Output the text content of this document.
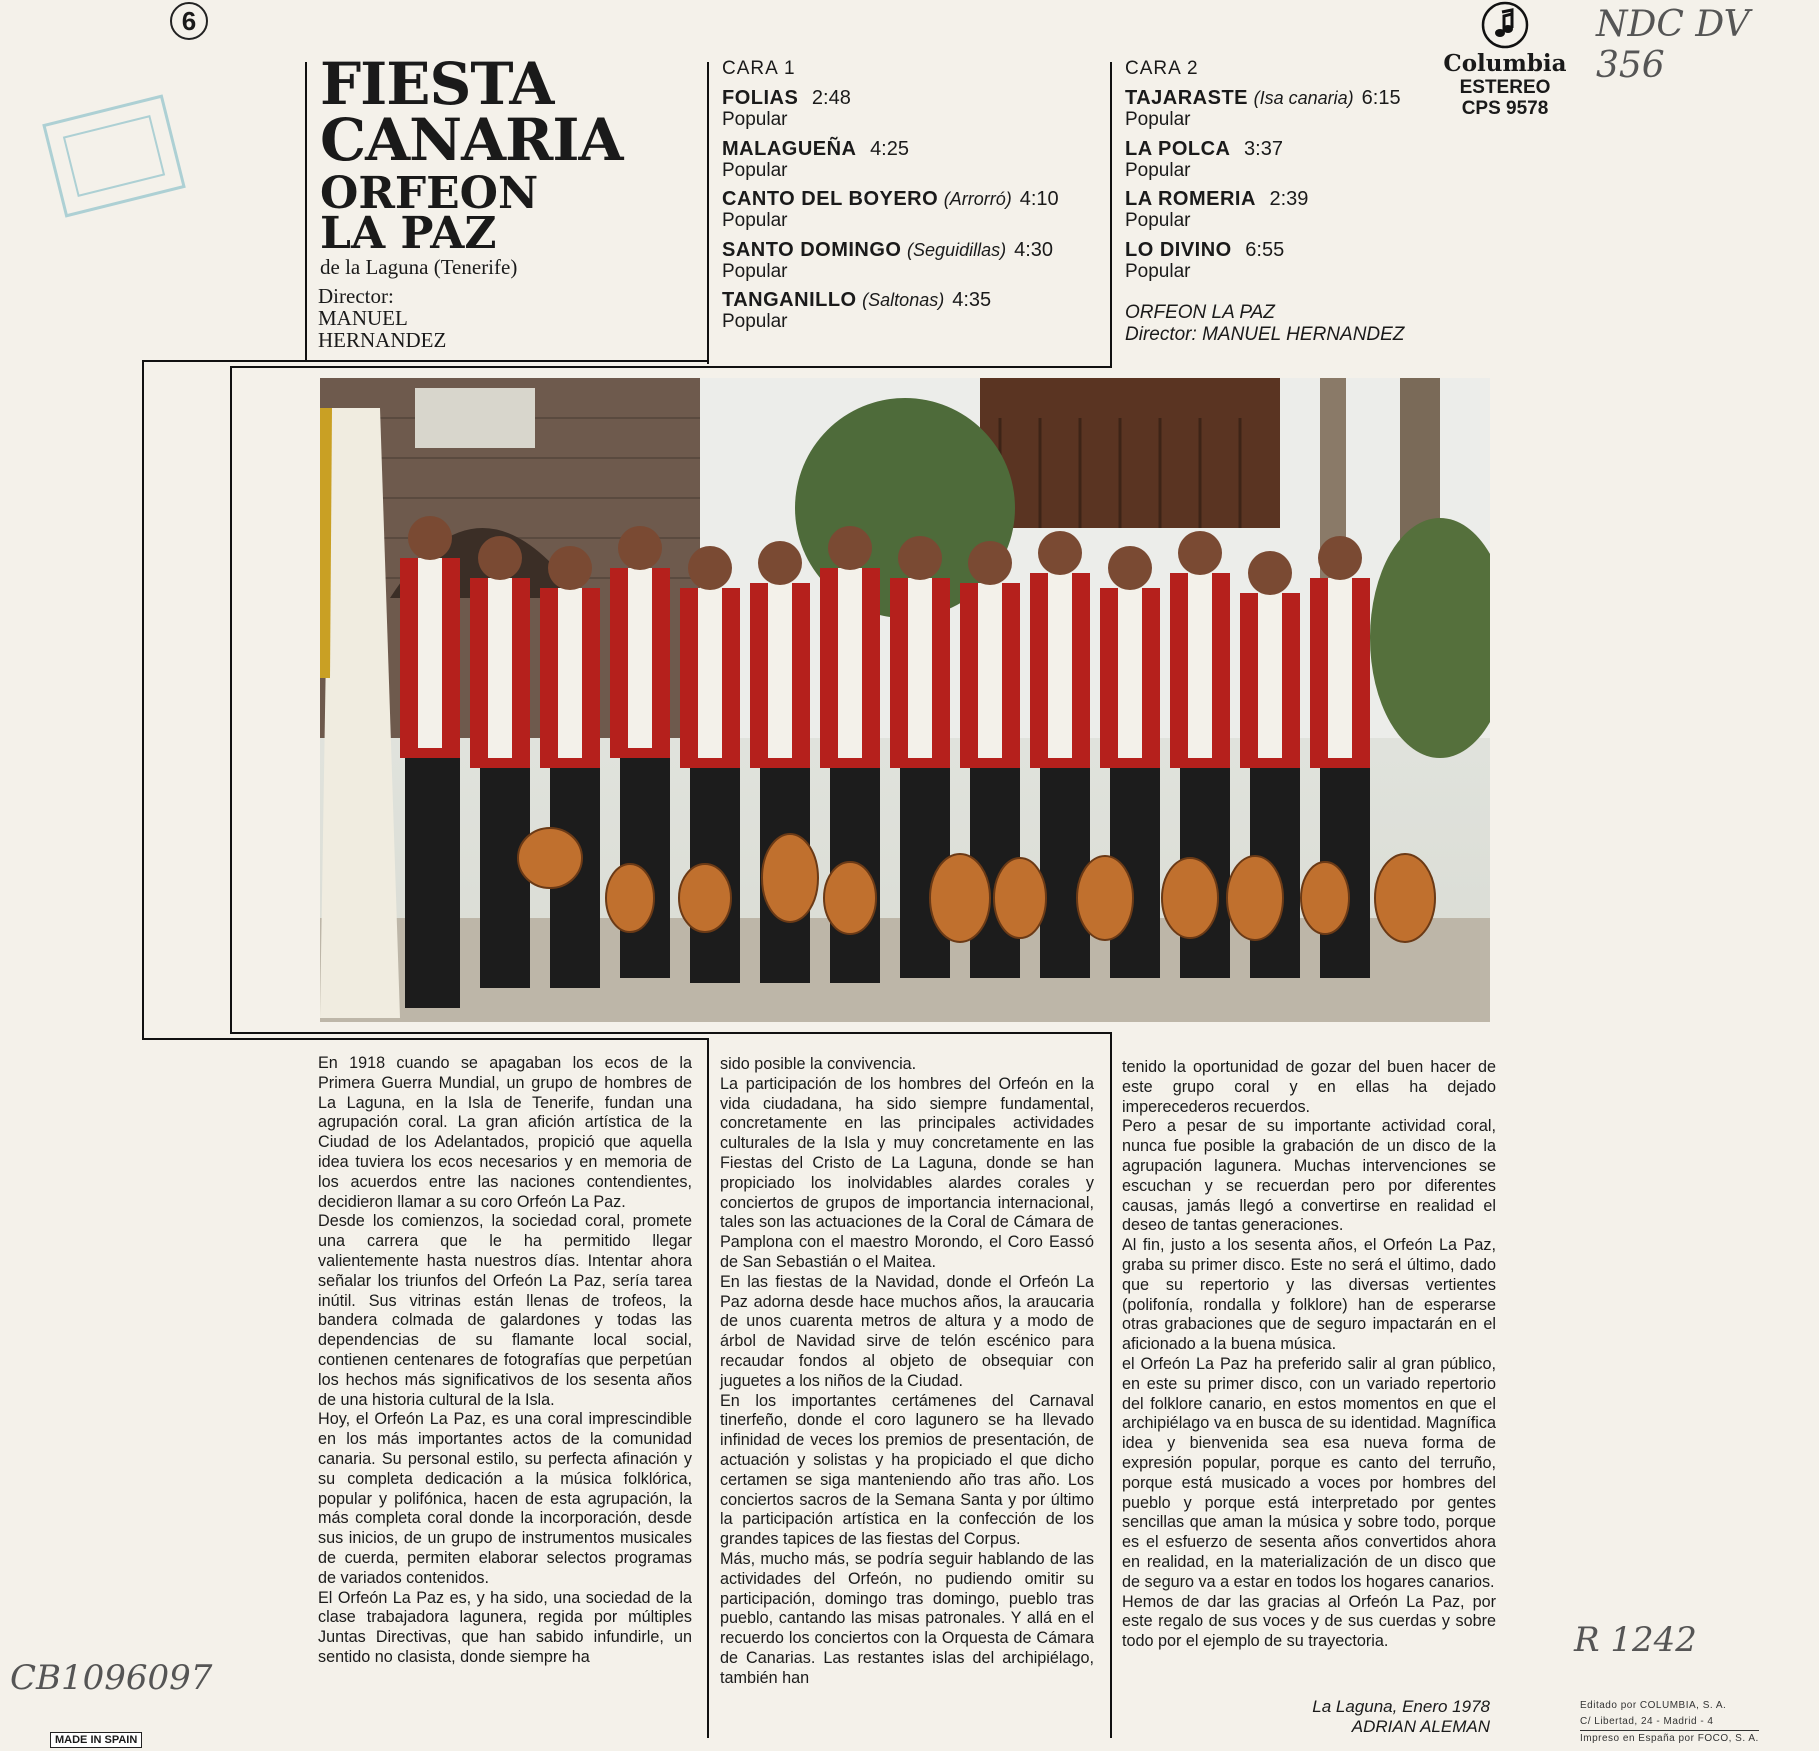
6	NDC DV 356
CB1096097
R 1242
FIESTA
CANARIA
ORFEON
LA PAZ
de la Laguna (Tenerife)
Director:
MANUEL
HERNANDEZ
CARA 1
FOLIAS 2:48
Popular
MALAGUEÑA 4:25
Popular
CANTO DEL BOYERO (Arrorró) 4:10
Popular
SANTO DOMINGO (Seguidillas) 4:30
Popular
TANGANILLO (Saltonas) 4:35
Popular
CARA 2
TAJARASTE (Isa canaria) 6:15
Popular
LA POLCA 3:37
Popular
LA ROMERIA 2:39
Popular
LO DIVINO 6:55
Popular
ORFEON LA PAZ
Director: MANUEL HERNANDEZ
Columbia
ESTEREO
CPS 9578

En 1918 cuando se apagaban los ecos de la Primera Guerra Mundial, un grupo de hombres de La Laguna, en la Isla de Tenerife, fundan una agrupación coral. La gran afición artística de la Ciudad de los Adelantados, propició que aquella idea tuviera los ecos necesarios y en memoria de los acuerdos entre las naciones contendientes, decidieron llamar a su coro Orfeón La Paz.

Desde los comienzos, la sociedad coral, promete una carrera que le ha permitido llegar valientemente hasta nuestros días. Intentar ahora señalar los triunfos del Orfeón La Paz, sería tarea inútil. Sus vitrinas están llenas de trofeos, la bandera colmada de galardones y todas las dependencias de su flamante local social, contienen centenares de fotografías que perpetúan los hechos más significativos de los sesenta años de una historia cultural de la Isla.

Hoy, el Orfeón La Paz, es una coral imprescindible en los más importantes actos de la comunidad canaria. Su personal estilo, su perfecta afinación y su completa dedicación a la música folklórica, popular y polifónica, hacen de esta agrupación, la más completa coral donde la incorporación, desde sus inicios, de un grupo de instrumentos musicales de cuerda, permiten elaborar selectos programas de variados contenidos.

El Orfeón La Paz es, y ha sido, una sociedad de la clase trabajadora lagunera, regida por múltiples Juntas Directivas, que han sabido infundirle, un sentido no clasista, donde siempre ha

sido posible la convivencia.

La participación de los hombres del Orfeón en la vida ciudadana, ha sido siempre fundamental, concretamente en las principales actividades culturales de la Isla y muy concretamente en las Fiestas del Cristo de La Laguna, donde se han propiciado los inolvidables alardes corales y conciertos de grupos de importancia internacional, tales son las actuaciones de la Coral de Cámara de Pamplona con el maestro Morondo, el Coro Eassó de San Sebastián o el Maitea.

En las fiestas de la Navidad, donde el Orfeón La Paz adorna desde hace muchos años, la araucaria de unos cuarenta metros de altura y a modo de árbol de Navidad sirve de telón escénico para recaudar fondos al objeto de obsequiar con juguetes a los niños de la Ciudad.

En los importantes certámenes del Carnaval tinerfeño, donde el coro lagunero se ha llevado infinidad de veces los premios de presentación, de actuación y solistas y ha propiciado el que dicho certamen se siga manteniendo año tras año. Los conciertos sacros de la Semana Santa y por último la participación artística en la confección de los grandes tapices de las fiestas del Corpus.

Más, mucho más, se podría seguir hablando de las actividades del Orfeón, no pudiendo omitir su participación, domingo tras domingo, pueblo tras pueblo, cantando las misas patronales. Y allá en el recuerdo los conciertos con la Orquesta de Cámara de Canarias. Las restantes islas del archipiélago, también han

tenido la oportunidad de gozar del buen hacer de este grupo coral y en ellas ha dejado imperecederos recuerdos.

Pero a pesar de su importante actividad coral, nunca fue posible la grabación de un disco de la agrupación lagunera. Muchas intervenciones se escuchan y se recuerdan pero por diferentes causas, jamás llegó a convertirse en realidad el deseo de tantas generaciones.

Al fin, justo a los sesenta años, el Orfeón La Paz, graba su primer disco. Este no será el último, dado que su repertorio y las diversas vertientes (polifonía, rondalla y folklore) han de esperarse otras grabaciones que de seguro impactarán en el aficionado a la buena música.

el Orfeón La Paz ha preferido salir al gran público, en este su primer disco, con un variado repertorio del folklore canario, en estos momentos en que el archipiélago va en busca de su identidad. Magnífica idea y bienvenida sea esa nueva forma de expresión popular, porque es canto del terruño, porque está musicado a voces por hombres del pueblo y porque está interpretado por gentes sencillas que aman la música y sobre todo, porque es el esfuerzo de sesenta años convertidos ahora en realidad, en la materialización de un disco que de seguro va a estar en todos los hogares canarios.

Hemos de dar las gracias al Orfeón La Paz, por este regalo de sus voces y de sus cuerdas y sobre todo por el ejemplo de su trayectoria.

La Laguna, Enero 1978
ADRIAN ALEMAN
MADE IN SPAIN
Editado por COLUMBIA, S. A.
C/ Libertad, 24 - Madrid - 4
Impreso en España por FOCO, S. A.
